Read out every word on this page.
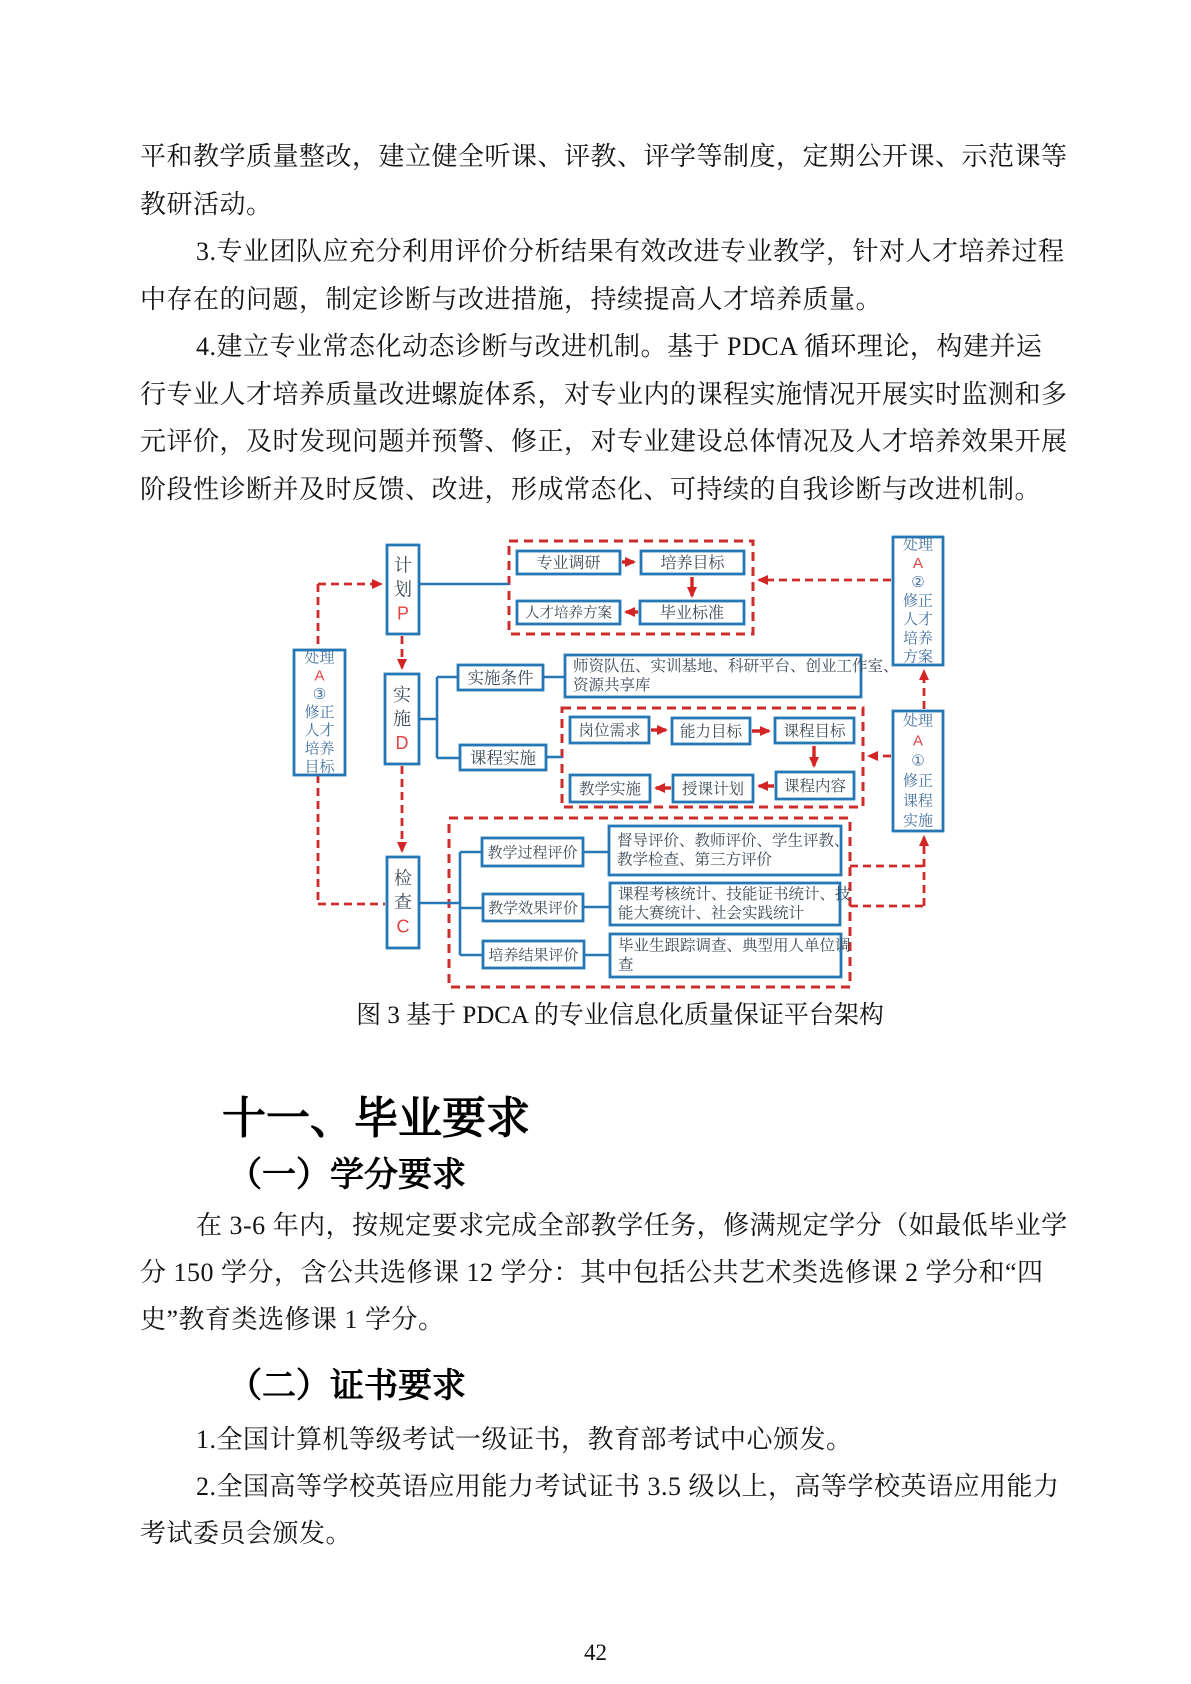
平和教学质量整改，建立健全听课、评教、评学等制度，定期公开课、示范课等
教研活动。
3.专业团队应充分利用评价分析结果有效改进专业教学，针对人才培养过程
中存在的问题，制定诊断与改进措施，持续提高人才培养质量。
4.建立专业常态化动态诊断与改进机制。基于 PDCA 循环理论，构建并运
行专业人才培养质量改进螺旋体系，对专业内的课程实施情况开展实时监测和多
元评价，及时发现问题并预警、修正，对专业建设总体情况及人才培养效果开展
阶段性诊断并及时反馈、改进，形成常态化、可持续的自我诊断与改进机制。
计
划
P
实
施
D
检
查
C
处理
A
③
修正
人才
培养
目标
处理
A
②
修正
人才
培养
方案
处理
A
①
修正
课程
实施
专业调研	培养目标
人才培养方案	毕业标准
实施条件
师资队伍、实训基地、科研平台、创业工作室、
资源共享库
课程实施
岗位需求	能力目标	课程目标
教学实施	授课计划	课程内容
教学过程评价
督导评价、教师评价、学生评教、
教学检查、第三方评价
教学效果评价
课程考核统计、技能证书统计、技
能大赛统计、社会实践统计
培养结果评价
毕业生跟踪调查、典型用人单位调
查
图 3 基于 PDCA 的专业信息化质量保证平台架构
十一、毕业要求
（一）学分要求
在 3-6 年内，按规定要求完成全部教学任务，修满规定学分（如最低毕业学
分 150 学分，含公共选修课 12 学分：其中包括公共艺术类选修课 2 学分和“四
史”教育类选修课 1 学分。
（二）证书要求
1.全国计算机等级考试一级证书，教育部考试中心颁发。
2.全国高等学校英语应用能力考试证书 3.5 级以上，高等学校英语应用能力
考试委员会颁发。
42
